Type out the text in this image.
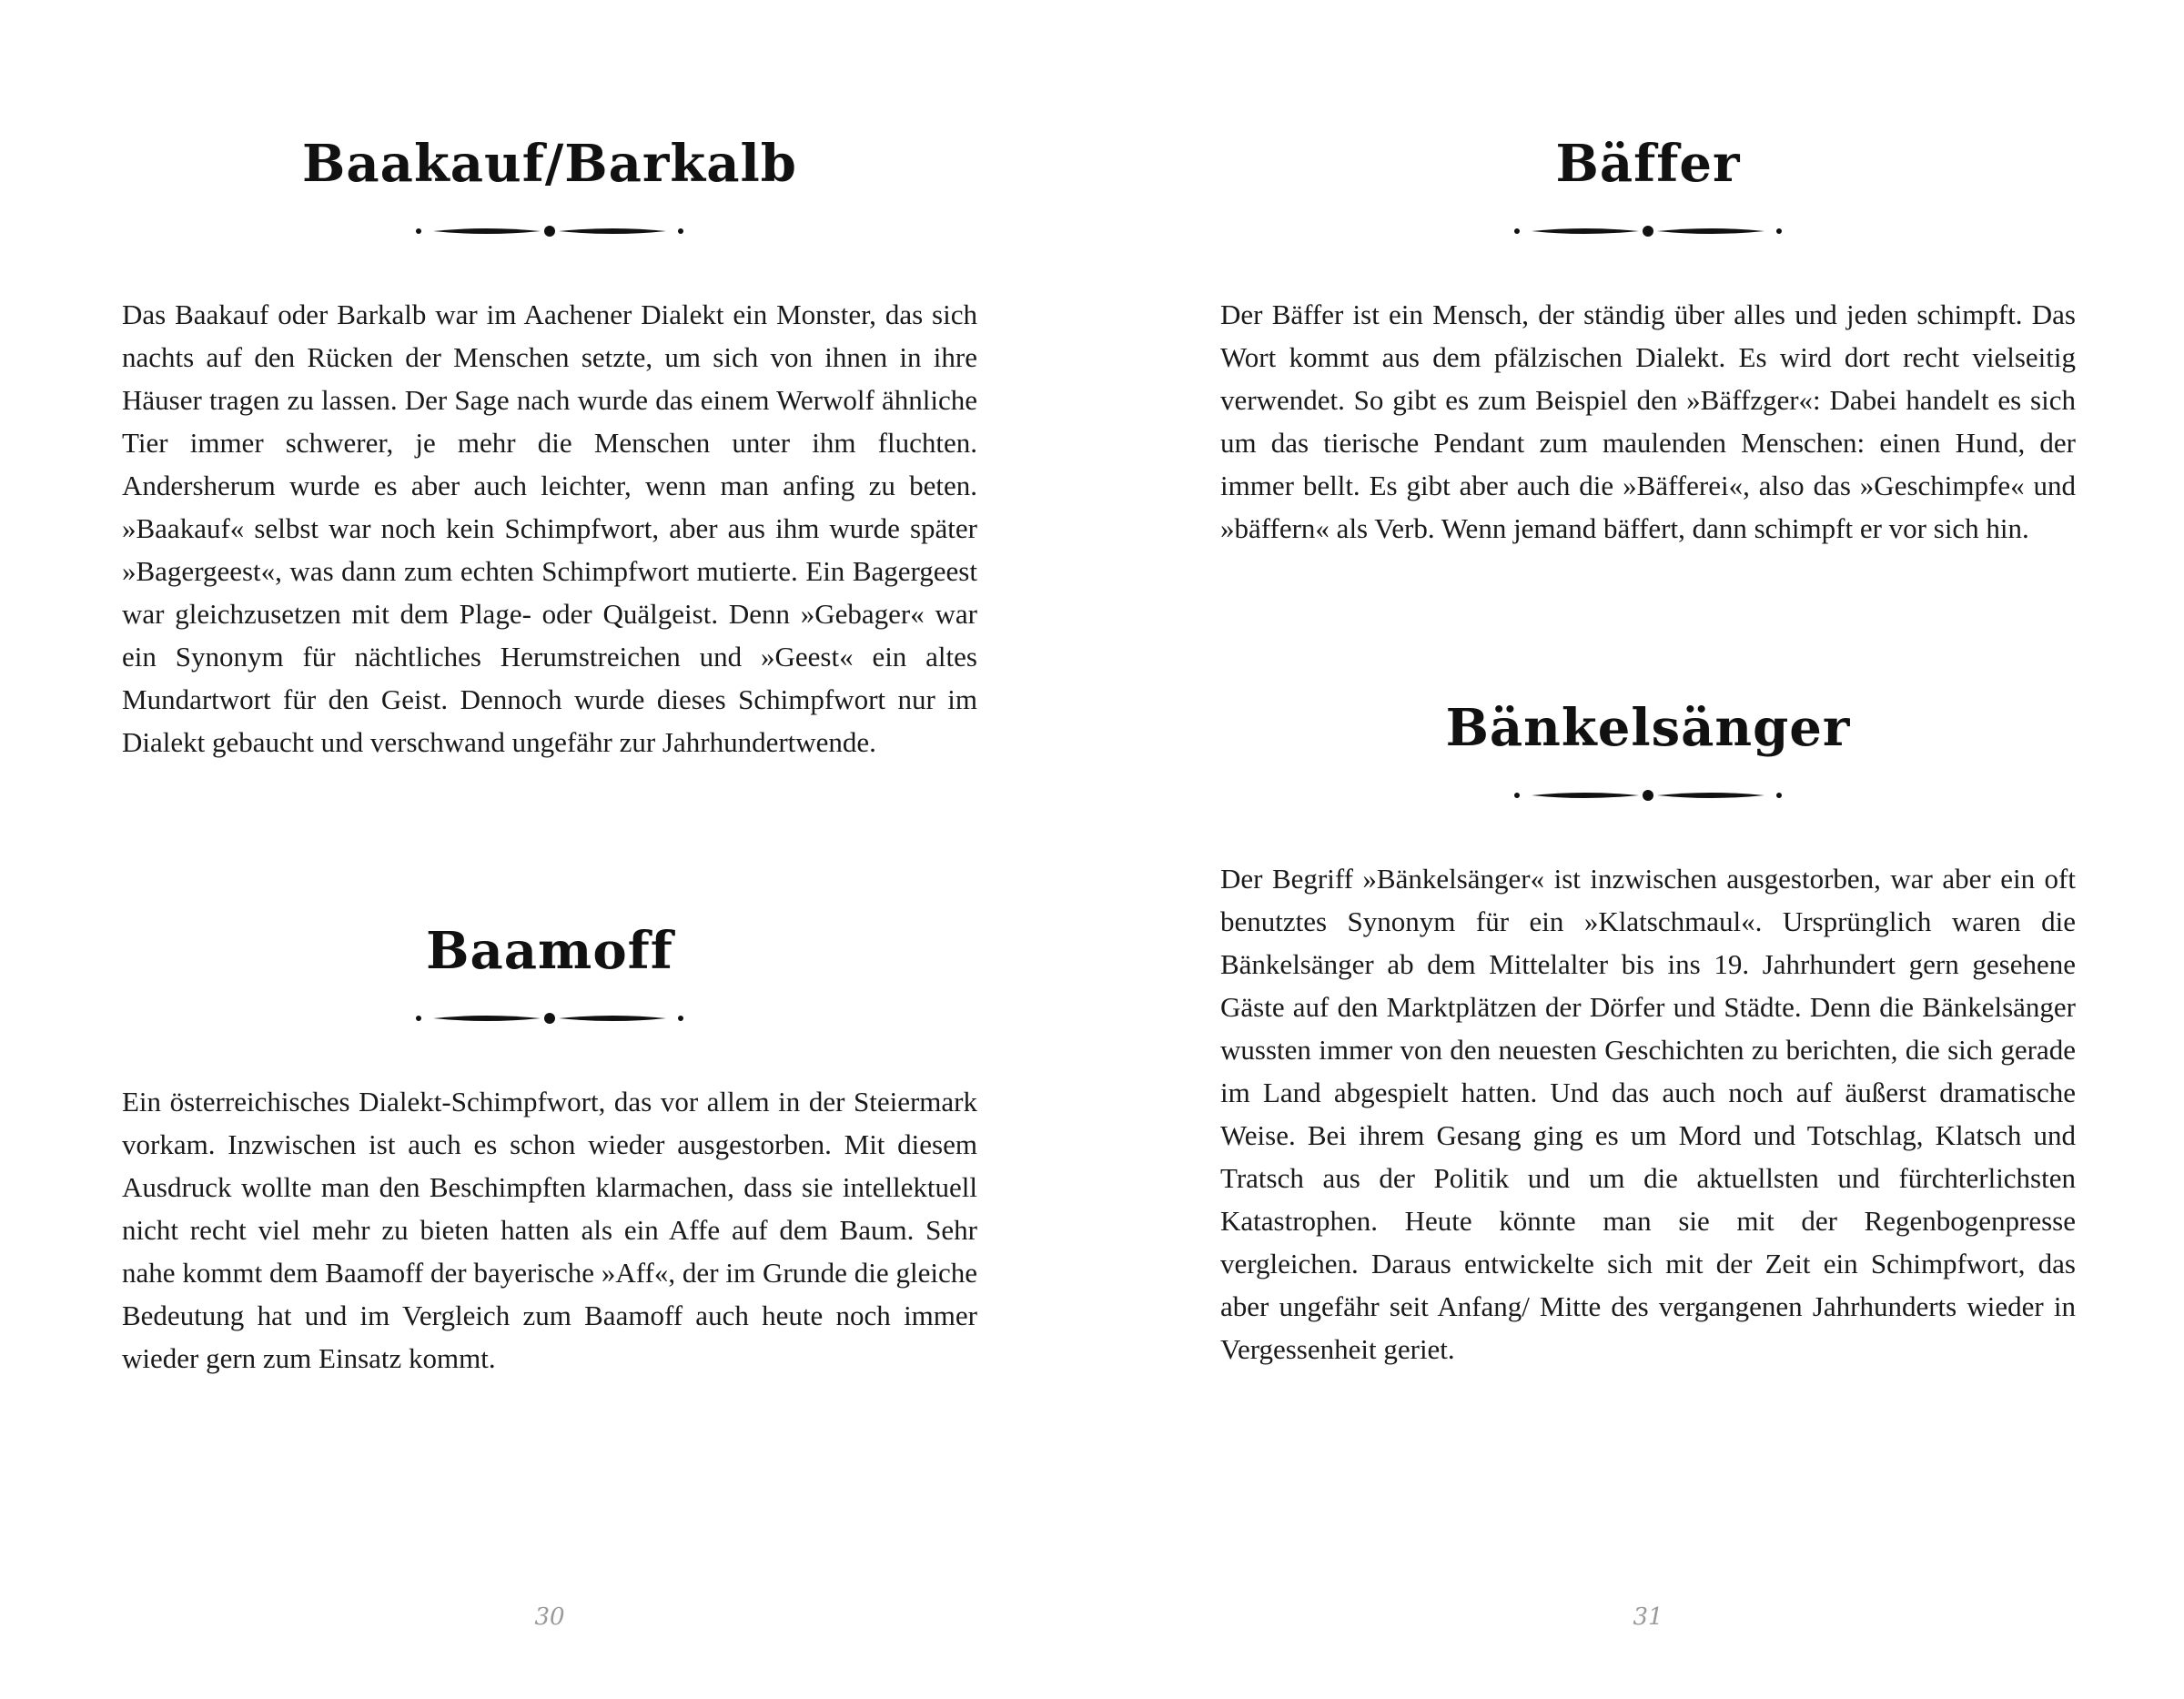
Baakauf/Barkalb

Das Baakauf oder Barkalb war im Aachener Dialekt ein Monster, das sich nachts auf den Rücken der Menschen setzte, um sich von ihnen in ihre Häuser tragen zu lassen. Der Sage nach wurde das einem Werwolf ähnliche Tier immer schwerer, je mehr die Menschen unter ihm fluchten. Andersherum wurde es aber auch leichter, wenn man anfing zu beten. »Baakauf« selbst war noch kein Schimpfwort, aber aus ihm wurde später »Bagergeest«, was dann zum echten Schimpfwort mutierte. Ein Bagergeest war gleichzusetzen mit dem Plage- oder Quälgeist. Denn »Gebager« war ein Synonym für nächtliches Herumstreichen und »Geest« ein altes Mundartwort für den Geist. Dennoch wurde dieses Schimpfwort nur im Dialekt gebaucht und verschwand ungefähr zur Jahrhundertwende.

Baamoff

Ein österreichisches Dialekt-Schimpfwort, das vor allem in der Steiermark vorkam. Inzwischen ist auch es schon wieder ausgestorben. Mit diesem Ausdruck wollte man den Beschimpften klarmachen, dass sie intellektuell nicht recht viel mehr zu bieten hatten als ein Affe auf dem Baum. Sehr nahe kommt dem Baamoff der bayerische »Aff«, der im Grunde die gleiche Bedeutung hat und im Vergleich zum Baamoff auch heute noch immer wieder gern zum Einsatz kommt.

30
Bäffer

Der Bäffer ist ein Mensch, der ständig über alles und jeden schimpft. Das Wort kommt aus dem pfälzischen Dialekt. Es wird dort recht vielseitig verwendet. So gibt es zum Beispiel den »Bäffzger«: Dabei handelt es sich um das tierische Pendant zum maulenden Menschen: einen Hund, der immer bellt. Es gibt aber auch die »Bäfferei«, also das »Geschimpfe« und »bäffern« als Verb. Wenn jemand bäffert, dann schimpft er vor sich hin.

Bänkelsänger

Der Begriff »Bänkelsänger« ist inzwischen ausgestorben, war aber ein oft benutztes Synonym für ein »Klatschmaul«. Ursprünglich waren die Bänkelsänger ab dem Mittelalter bis ins 19. Jahrhundert gern gesehene Gäste auf den Marktplätzen der Dörfer und Städte. Denn die Bänkelsänger wussten immer von den neuesten Geschichten zu berichten, die sich gerade im Land abgespielt hatten. Und das auch noch auf äußerst dramatische Weise. Bei ihrem Gesang ging es um Mord und Totschlag, Klatsch und Tratsch aus der Politik und um die aktuellsten und fürchterlichsten Katastrophen. Heute könnte man sie mit der Regenbogenpresse vergleichen. Daraus entwickelte sich mit der Zeit ein Schimpfwort, das aber ungefähr seit Anfang/ Mitte des vergangenen Jahrhunderts wieder in Vergessenheit geriet.

31
